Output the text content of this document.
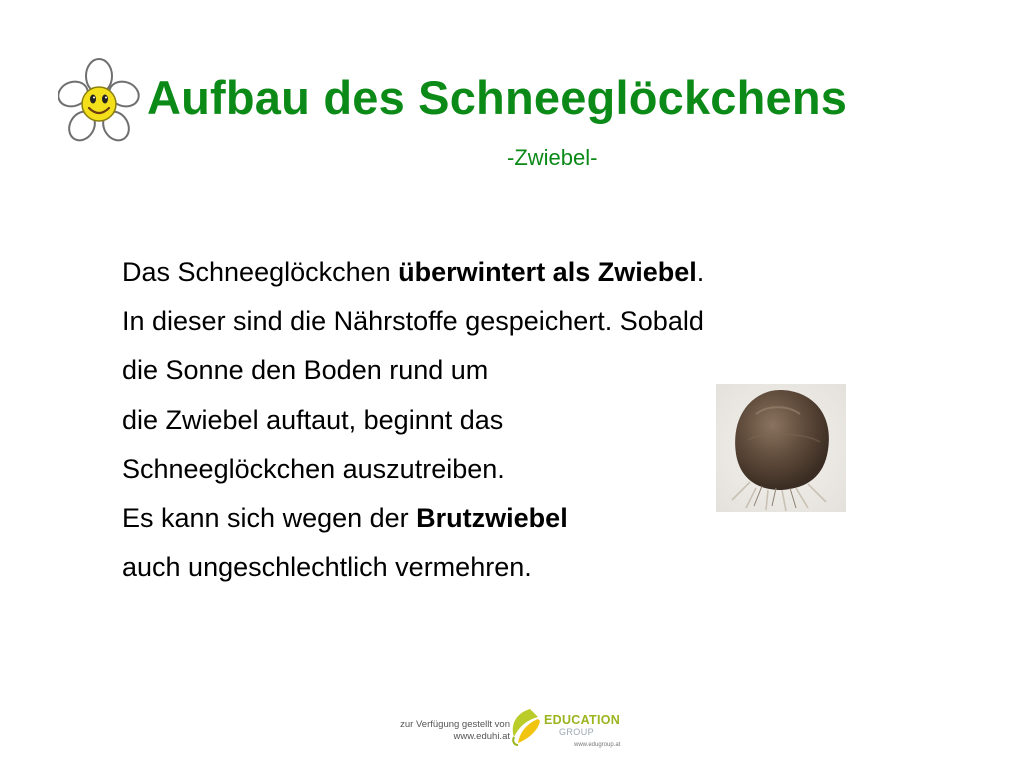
Aufbau des Schneeglöckchens
-Zwiebel-
Das Schneeglöckchen überwintert als Zwiebel.
In dieser sind die Nährstoffe gespeichert. Sobald
die Sonne den Boden rund um
die Zwiebel auftaut, beginnt das
Schneeglöckchen auszutreiben.
Es kann sich wegen der Brutzwiebel
auch ungeschlechtlich vermehren.
zur Verfügung gestellt von
www.eduhi.at
EDUCATION
GROUP
www.edugroup.at
